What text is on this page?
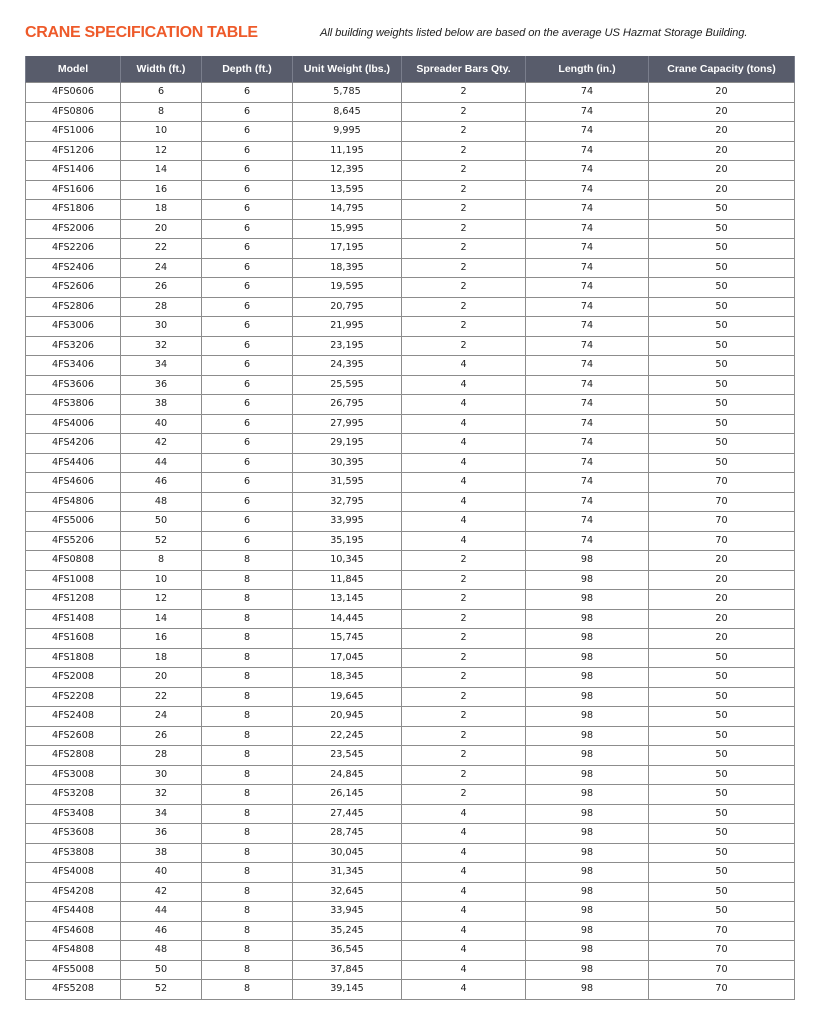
CRANE SPECIFICATION TABLE	All building weights listed below are based on the average US Hazmat Storage Building.
Model	Width (ft.)	Depth (ft.)	Unit Weight (lbs.)	Spreader Bars Qty.	Length (in.)	Crane Capacity (tons)
4FS0606	6	6	5,785	2	74	20
4FS0806	8	6	8,645	2	74	20
4FS1006	10	6	9,995	2	74	20
4FS1206	12	6	11,195	2	74	20
4FS1406	14	6	12,395	2	74	20
4FS1606	16	6	13,595	2	74	20
4FS1806	18	6	14,795	2	74	50
4FS2006	20	6	15,995	2	74	50
4FS2206	22	6	17,195	2	74	50
4FS2406	24	6	18,395	2	74	50
4FS2606	26	6	19,595	2	74	50
4FS2806	28	6	20,795	2	74	50
4FS3006	30	6	21,995	2	74	50
4FS3206	32	6	23,195	2	74	50
4FS3406	34	6	24,395	4	74	50
4FS3606	36	6	25,595	4	74	50
4FS3806	38	6	26,795	4	74	50
4FS4006	40	6	27,995	4	74	50
4FS4206	42	6	29,195	4	74	50
4FS4406	44	6	30,395	4	74	50
4FS4606	46	6	31,595	4	74	70
4FS4806	48	6	32,795	4	74	70
4FS5006	50	6	33,995	4	74	70
4FS5206	52	6	35,195	4	74	70
4FS0808	8	8	10,345	2	98	20
4FS1008	10	8	11,845	2	98	20
4FS1208	12	8	13,145	2	98	20
4FS1408	14	8	14,445	2	98	20
4FS1608	16	8	15,745	2	98	20
4FS1808	18	8	17,045	2	98	50
4FS2008	20	8	18,345	2	98	50
4FS2208	22	8	19,645	2	98	50
4FS2408	24	8	20,945	2	98	50
4FS2608	26	8	22,245	2	98	50
4FS2808	28	8	23,545	2	98	50
4FS3008	30	8	24,845	2	98	50
4FS3208	32	8	26,145	2	98	50
4FS3408	34	8	27,445	4	98	50
4FS3608	36	8	28,745	4	98	50
4FS3808	38	8	30,045	4	98	50
4FS4008	40	8	31,345	4	98	50
4FS4208	42	8	32,645	4	98	50
4FS4408	44	8	33,945	4	98	50
4FS4608	46	8	35,245	4	98	70
4FS4808	48	8	36,545	4	98	70
4FS5008	50	8	37,845	4	98	70
4FS5208	52	8	39,145	4	98	70
